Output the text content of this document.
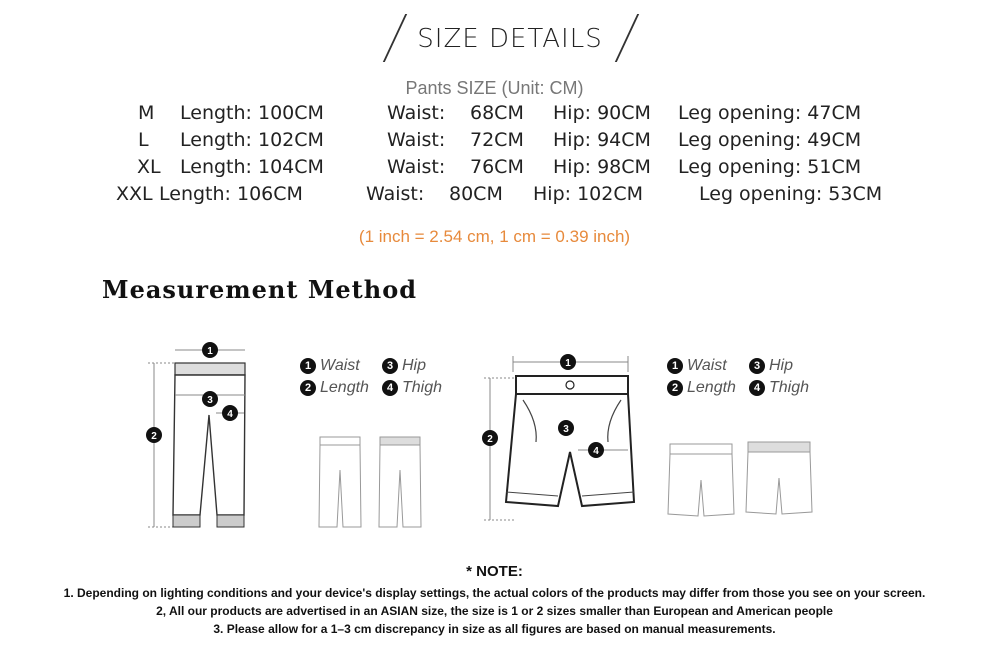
SIZE DETAILS
Pants SIZE (Unit: CM)
M Length: 100CM	Waist: 68CM Hip: 90CM Leg opening: 47CM
L Length: 102CM	Waist: 72CM Hip: 94CM Leg opening: 49CM
XL Length: 104CM	Waist: 76CM Hip: 98CM Leg opening: 51CM
XXL Length: 106CM	Waist: 80CM Hip: 102CM	Leg opening: 53CM
(1 inch = 2.54 cm, 1 cm = 0.39 inch)
Measurement Method
1
2
3
4
1 Waist	3 Hip
2 Length	4 Thigh
1
2
3
4
1 Waist	3 Hip
2 Length	4 Thigh
* NOTE:
1. Depending on lighting conditions and your device's display settings, the actual colors of the products may differ from those you see on your screen.
2, All our products are advertised in an ASIAN size, the size is 1 or 2 sizes smaller than European and American people
3. Please allow for a 1–3 cm discrepancy in size as all figures are based on manual measurements.
